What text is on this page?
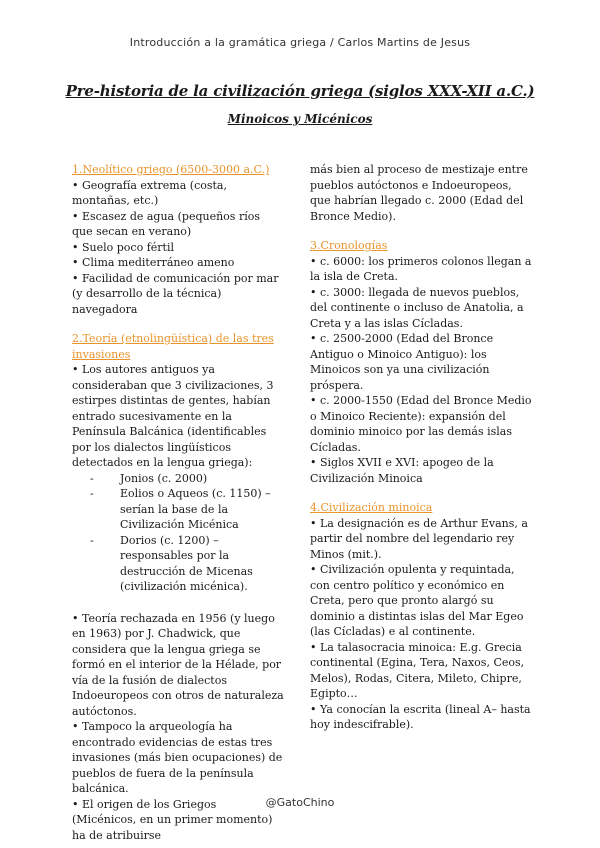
Introducción a la gramática griega / Carlos Martins de Jesus
Pre-historia de la civilización griega (siglos XXX-XII a.C.)
Minoicos y Micénicos

1.Neolítico griego (6500-3000 a.C.)

• Geografía extrema (costa, montañas, etc.)

• Escasez de agua (pequeños ríos que secan en verano)

• Suelo poco fértil

• Clima mediterráneo ameno

• Facilidad de comunicación por mar (y desarrollo de la técnica) navegadora

2.Teoría (etnolingüística) de las tres invasiones

• Los autores antiguos ya consideraban que 3 civilizaciones, 3 estirpes distintas de gentes, habían entrado sucesivamente en la Península Balcánica (identificables por los dialectos lingüísticos detectados en la lengua griega):

- Jonios (c. 2000)

- Eolios o Aqueos (c. 1150) – serían la base de la Civilización Micénica

- Dorios (c. 1200) – responsables por la destrucción de Micenas (civilización micénica).

• Teoría rechazada en 1956 (y luego en 1963) por J. Chadwick, que considera que la lengua griega se formó en el interior de la Hélade, por vía de la fusión de dialectos Indoeuropeos con otros de naturaleza autóctonos.

• Tampoco la arqueología ha encontrado evidencias de estas tres invasiones (más bien ocupaciones) de pueblos de fuera de la península balcánica.

• El origen de los Griegos (Micénicos, en un primer momento) ha de atribuirse

más bien al proceso de mestizaje entre pueblos autóctonos e Indoeuropeos, que habrían llegado c. 2000 (Edad del Bronce Medio).

3.Cronologías

• c. 6000: los primeros colonos llegan a la isla de Creta.

• c. 3000: llegada de nuevos pueblos, del continente o incluso de Anatolia, a Creta y a las islas Cícladas.

• c. 2500-2000 (Edad del Bronce Antiguo o Minoico Antiguo): los Minoicos son ya una civilización próspera.

• c. 2000-1550 (Edad del Bronce Medio o Minoico Reciente): expansión del dominio minoico por las demás islas Cícladas.

• Siglos XVII e XVI: apogeo de la Civilización Minoica

4.Civilización minoica

• La designación es de Arthur Evans, a partir del nombre del legendario rey Minos (mit.).

• Civilización opulenta y requintada, con centro político y económico en Creta, pero que pronto alargó su dominio a distintas islas del Mar Egeo (las Cícladas) e al continente.

• La talasocracia minoica: E.g. Grecia continental (Egina, Tera, Naxos, Ceos, Melos), Rodas, Citera, Mileto, Chipre, Egipto…

• Ya conocían la escrita (lineal A– hasta hoy indescifrable).

@GatoChino
